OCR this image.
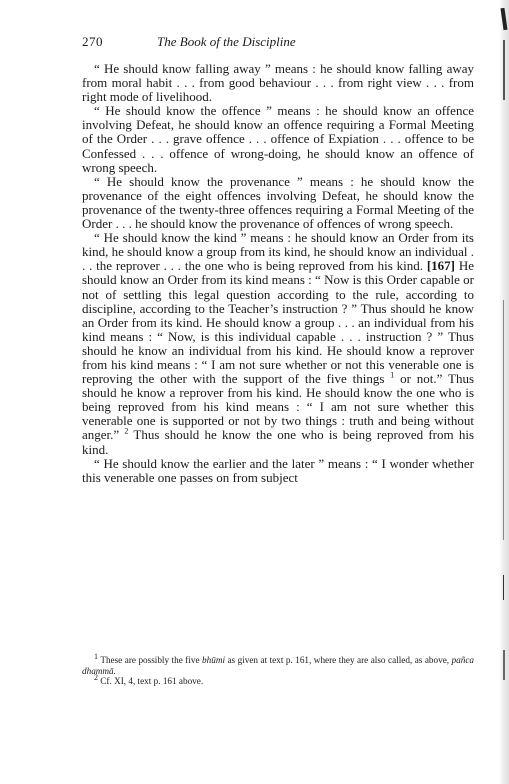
270	The Book of the Discipline

“ He should know falling away ” means : he should know falling away from moral habit . . . from good behaviour . . . from right view . . . from right mode of livelihood.

“ He should know the offence ” means : he should know an offence involving Defeat, he should know an offence requiring a Formal Meeting of the Order . . . grave offence . . . offence of Expiation . . . offence to be Confessed . . . offence of wrong-doing, he should know an offence of wrong speech.

“ He should know the provenance ” means : he should know the provenance of the eight offences involving Defeat, he should know the provenance of the twenty-three offences requiring a Formal Meeting of the Order . . . he should know the provenance of offences of wrong speech.

“ He should know the kind ” means : he should know an Order from its kind, he should know a group from its kind, he should know an individual . . . the reprover . . . the one who is being reproved from his kind. [167] He should know an Order from its kind means : “ Now is this Order capable or not of settling this legal question according to the rule, according to discipline, according to the Teacher’s instruction ? ” Thus should he know an Order from its kind. He should know a group . . . an individual from his kind means : “ Now, is this individual capable . . . instruction ? ” Thus should he know an individual from his kind. He should know a reprover from his kind means : “ I am not sure whether or not this venerable one is reproving the other with the support of the five things $^1$ or not.” Thus should he know a reprover from his kind. He should know the one who is being reproved from his kind means : “ I am not sure whether this venerable one is supported or not by two things : truth and being without anger.” $^2$ Thus should he know the one who is being reproved from his kind.

“ He should know the earlier and the later ” means : “ I wonder whether this venerable one passes on from subject

$^1$ These are possibly the five bhūmi as given at text p. 161, where they are also called, as above, pañca dhammā.

$^2$ Cf. XI, 4, text p. 161 above.
